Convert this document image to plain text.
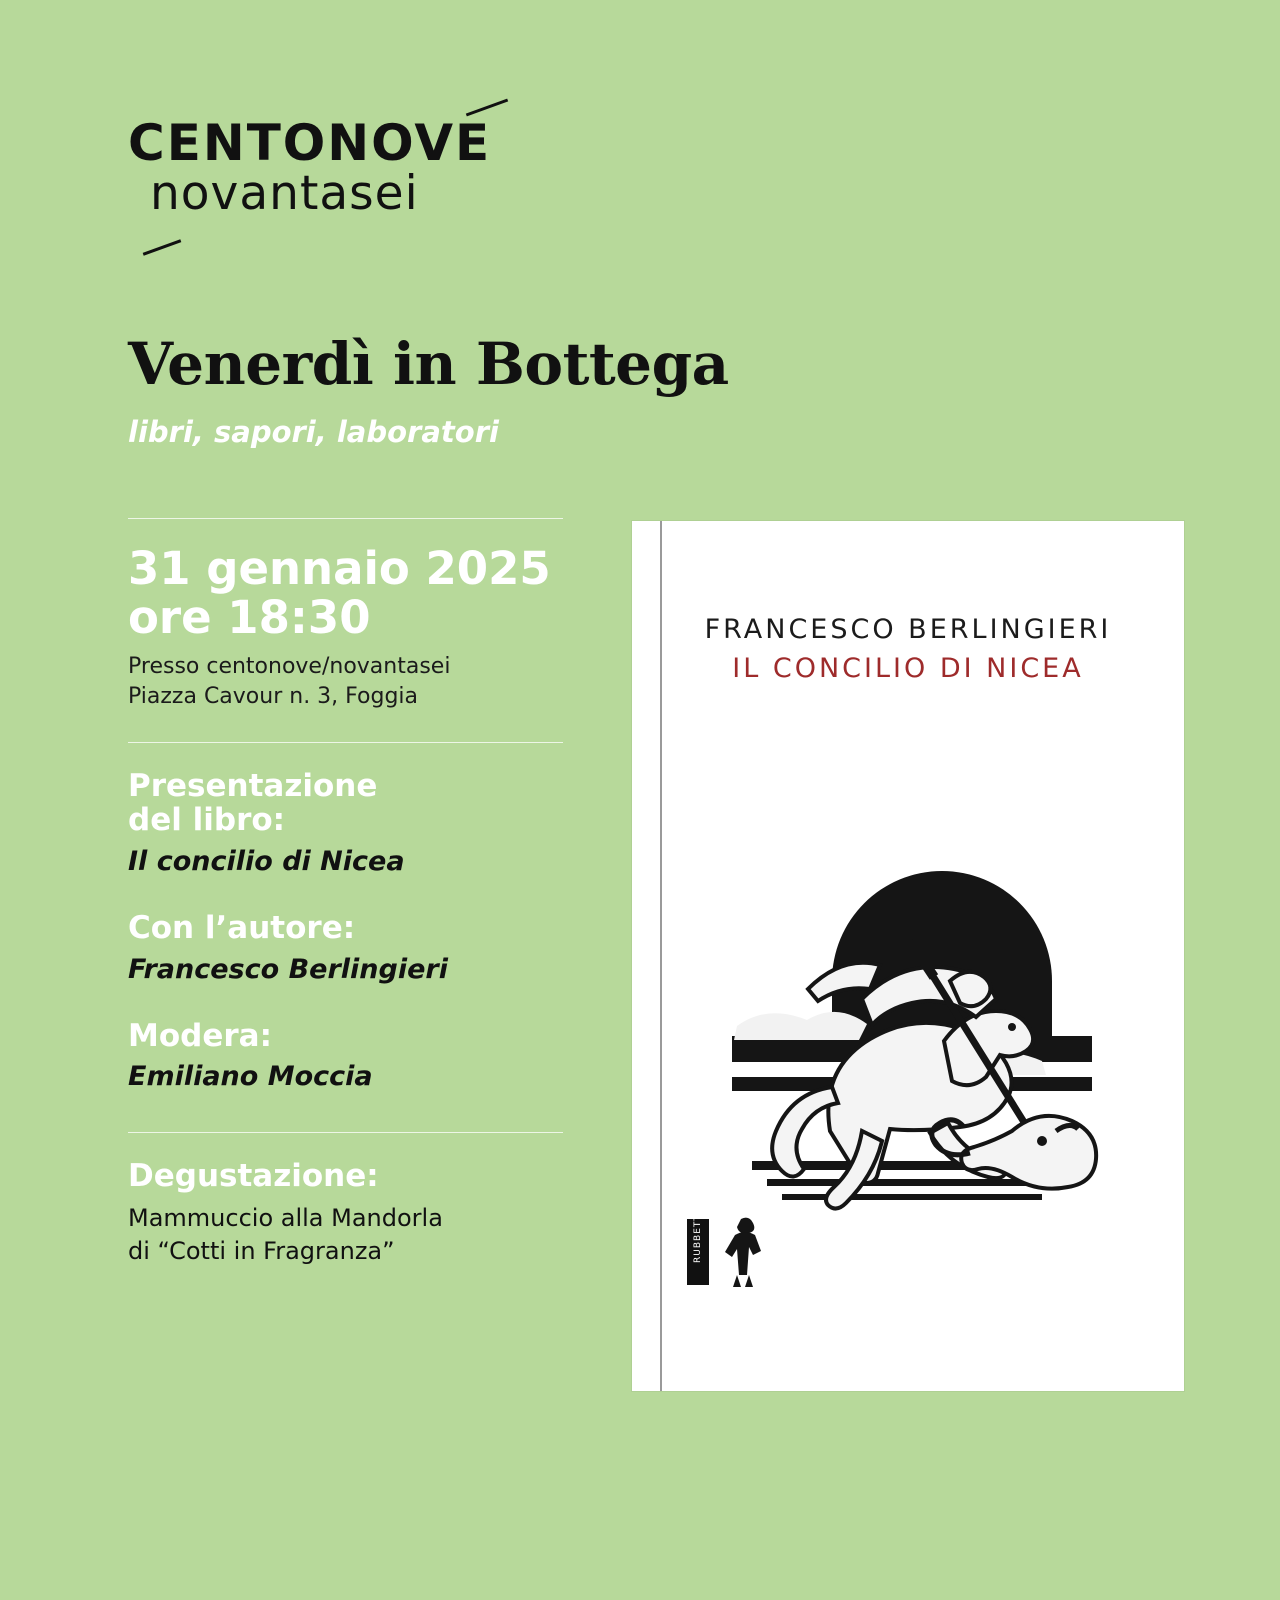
CENTONOVE
novantasei
Venerdì in Bottega
libri, sapori, laboratori
31 gennaio 2025
ore 18:30
Presso centonove/novantasei
Piazza Cavour n. 3, Foggia
Presentazione
del libro:
Il concilio di Nicea
Con l’autore:
Francesco Berlingieri
Modera:
Emiliano Moccia
Degustazione:
Mammuccio alla Mandorla
di “Cotti in Fragranza”
FRANCESCO BERLINGIERI
IL CONCILIO DI NICEA
RUBBETTINO
